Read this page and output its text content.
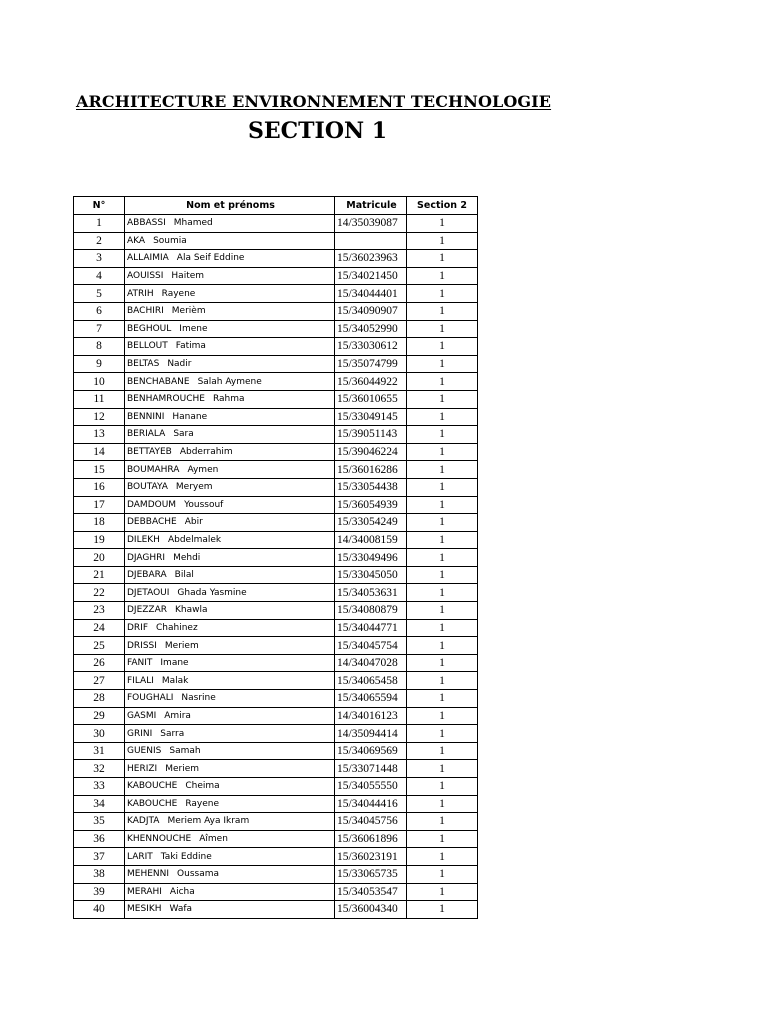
ARCHITECTURE ENVIRONNEMENT TECHNOLOGIE
SECTION 1
N°	Nom et prénoms	Matricule	Section 2
1	ABBASSI Mhamed	14/35039087	1
2	AKA Soumia		1
3	ALLAIMIA Ala Seif Eddine	15/36023963	1
4	AOUISSI Haitem	15/34021450	1
5	ATRIH Rayene	15/34044401	1
6	BACHIRI Merièm	15/34090907	1
7	BEGHOUL Imene	15/34052990	1
8	BELLOUT Fatima	15/33030612	1
9	BELTAS Nadir	15/35074799	1
10	BENCHABANE Salah Aymene	15/36044922	1
11	BENHAMROUCHE Rahma	15/36010655	1
12	BENNINI Hanane	15/33049145	1
13	BERIALA Sara	15/39051143	1
14	BETTAYEB Abderrahim	15/39046224	1
15	BOUMAHRA Aymen	15/36016286	1
16	BOUTAYA Meryem	15/33054438	1
17	DAMDOUM Youssouf	15/36054939	1
18	DEBBACHE Abir	15/33054249	1
19	DILEKH Abdelmalek	14/34008159	1
20	DJAGHRI Mehdi	15/33049496	1
21	DJEBARA Bilal	15/33045050	1
22	DJETAOUI Ghada Yasmine	15/34053631	1
23	DJEZZAR Khawla	15/34080879	1
24	DRIF Chahinez	15/34044771	1
25	DRISSI Meriem	15/34045754	1
26	FANIT Imane	14/34047028	1
27	FILALI Malak	15/34065458	1
28	FOUGHALI Nasrine	15/34065594	1
29	GASMI Amira	14/34016123	1
30	GRINI Sarra	14/35094414	1
31	GUENIS Samah	15/34069569	1
32	HERIZI Meriem	15/33071448	1
33	KABOUCHE Cheima	15/34055550	1
34	KABOUCHE Rayene	15/34044416	1
35	KADJTA Meriem Aya Ikram	15/34045756	1
36	KHENNOUCHE Aîmen	15/36061896	1
37	LARIT Taki Eddine	15/36023191	1
38	MEHENNI Oussama	15/33065735	1
39	MERAHI Aicha	15/34053547	1
40	MESIKH Wafa	15/36004340	1
